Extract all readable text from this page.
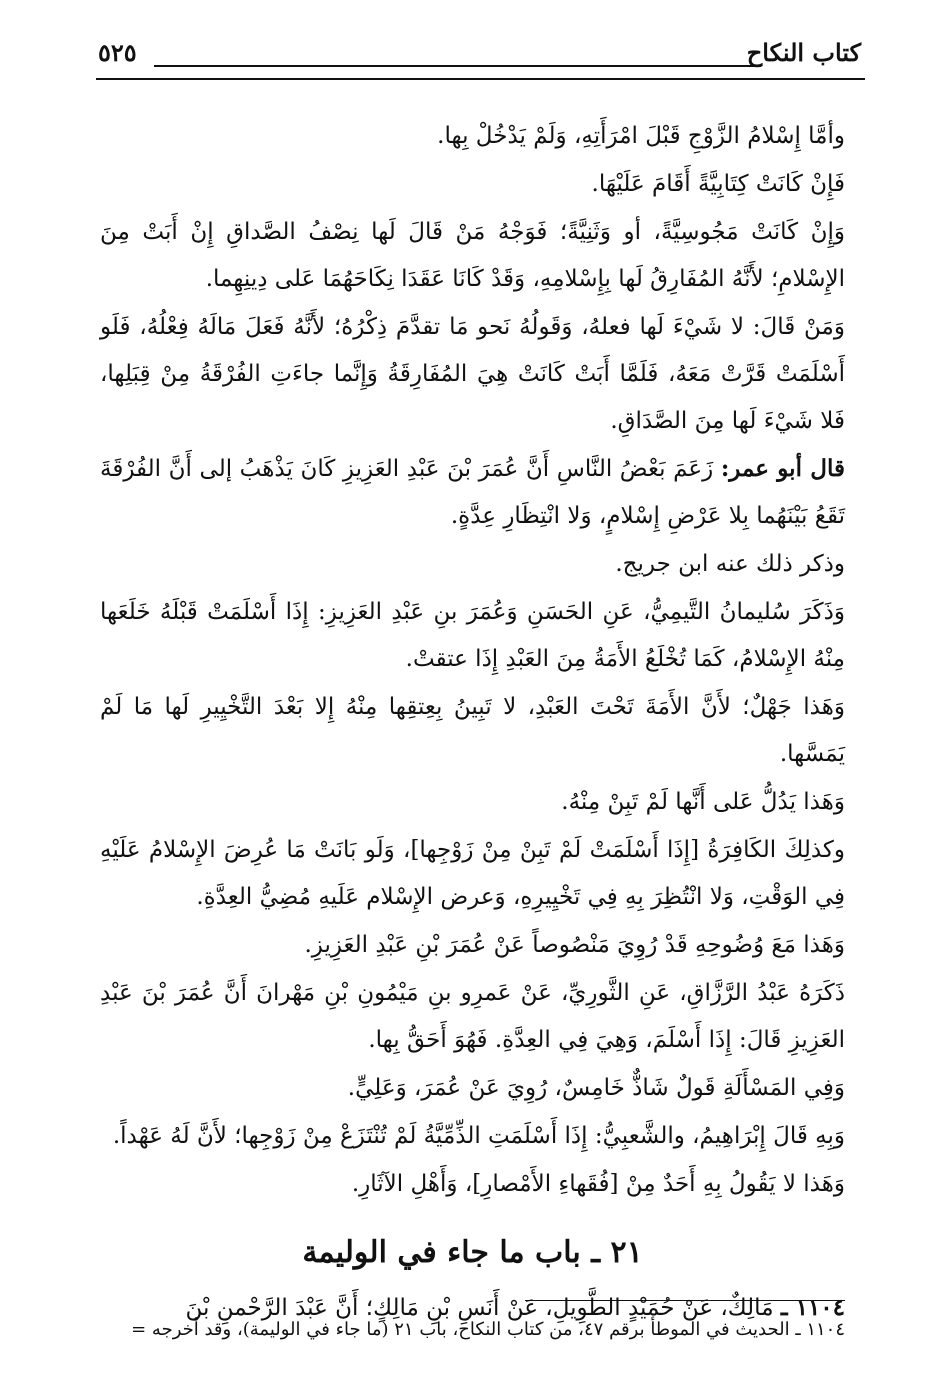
كتاب النكاح
٥٢٥

وأمَّا إِسْلامُ الزَّوْجِ قَبْلَ امْرَأَتِهِ، وَلَمْ يَدْخُلْ بِها.

فَإِنْ كَانَتْ كِتَابِيَّةً أَقَامَ عَلَيْهَا.

وَإِنْ كَانَتْ مَجُوسِيَّةً، أو وَثَنِيَّةً؛ فَوَجْهُ مَنْ قَالَ لَها نِصْفُ الصَّداقِ إِنْ أَبَتْ مِنَ الإِسْلامِ؛ لأَنَّهُ المُفَارِقُ لَها بِإِسْلامِهِ، وَقَدْ كَانَا عَقَدَا نِكَاحَهُمَا عَلى دِينِهِما.

وَمَنْ قَالَ: لا شَيْءَ لَها فعلهُ، وَقَولُهُ نَحو مَا تقدَّمَ ذِكْرُهُ؛ لأَنَّهُ فَعَلَ مَالَهُ فِعْلُهُ، فَلَو أَسْلَمَتْ قَرَّتْ مَعَهُ، فَلَمَّا أَبَتْ كَانَتْ هِيَ المُفَارِقَةُ وَإِنَّما جاءَتِ الفُرْقَةُ مِنْ قِبَلِها، فَلا شَيْءَ لَها مِنَ الصَّدَاقِ.

قال أبو عمر: زَعَمَ بَعْضُ النَّاسِ أَنَّ عُمَرَ بْنَ عَبْدِ العَزِيزِ كَانَ يَذْهَبُ إلى أَنَّ الفُرْقَةَ تَقَعُ بَيْنَهُما بِلا عَرْضِ إِسْلامٍ، وَلا انْتِظَارِ عِدَّةٍ.

وذكر ذلك عنه ابن جريج.

وَذَكَرَ سُليمانُ التَّيمِيُّ، عَنِ الحَسَنِ وَعُمَرَ بنِ عَبْدِ العَزِيزِ: إِذَا أَسْلَمَتْ قَبْلَهُ خَلَعَها مِنْهُ الإِسْلامُ، كَمَا تُخْلَعُ الأَمَةُ مِنَ العَبْدِ إِذَا عتقتْ.

وَهَذا جَهْلٌ؛ لأَنَّ الأَمَةَ تَحْتَ العَبْدِ، لا تَبِينُ بِعِتقِها مِنْهُ إِلا بَعْدَ التَّخْيِيرِ لَها مَا لَمْ يَمَسَّها.

وَهَذا يَدُلُّ عَلى أَنَّها لَمْ تَبِنْ مِنْهُ.

وكذلِكَ الكَافِرَةُ [إِذَا أَسْلَمَتْ لَمْ تَبِنْ مِنْ زَوْجِها]، وَلَو بَانَتْ مَا عُرِضَ الإِسْلامُ عَلَيْهِ فِي الوَقْتِ، وَلا انْتُظِرَ بِهِ فِي تَخْيِيرِهِ، وَعرض الإِسْلام عَلَيهِ مُضِيُّ العِدَّةِ.

وَهَذا مَعَ وُضُوحِهِ قَدْ رُوِيَ مَنْصُوصاً عَنْ عُمَرَ بْنِ عَبْدِ العَزِيزِ.

ذَكَرَهُ عَبْدُ الرَّزَّاقِ، عَنِ الثَّورِيِّ، عَنْ عَمرِو بنِ مَيْمُونِ بْنِ مَهْرانَ أَنَّ عُمَرَ بْنَ عَبْدِ العَزِيزِ قَالَ: إِذَا أَسْلَمَ، وَهِيَ فِي العِدَّةِ. فَهُوَ أَحَقُّ بِها.

وَفِي المَسْأَلَةِ قَولٌ شَاذٌّ خَامِسٌ، رُوِيَ عَنْ عُمَرَ، وَعَلِيٍّ.

وَبِهِ قَالَ إِبْرَاهِيمُ، والشَّعبِيُّ: إِذَا أَسْلَمَتِ الذِّمِّيَّةُ لَمْ تُنْتَزَعْ مِنْ زَوْجِها؛ لأَنَّ لَهُ عَهْداً.

وَهَذا لا يَقُولُ بِهِ أَحَدٌ مِنْ [فُقَهاءِ الأَمْصارِ]، وَأَهْلِ الآثَارِ.

٢١ ـ باب ما جاء في الوليمة

١١٠٤ ـ مَالِكٌ، عَنْ حُمَيْدٍ الطَّوِيلِ، عَنْ أَنَسِ بْنِ مَالِكٍ؛ أَنَّ عَبْدَ الرَّحْمنِ بْنَ

١١٠٤ ـ الحديث في الموطأ برقم ٤٧، من كتاب النكاح، باب ٢١ (ما جاء في الوليمة)، وقد أخرجه =
